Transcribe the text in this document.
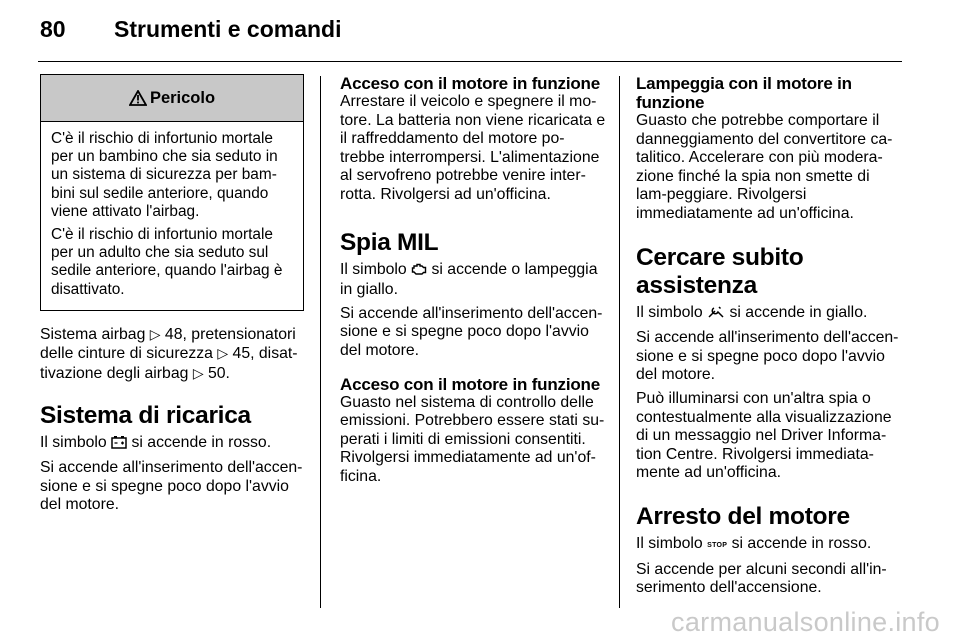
80 Strumenti e comandi
Pericolo

C'è il rischio di infortunio mortale per un bambino che sia seduto in un sistema di sicurezza per bam-bini sul sedile anteriore, quando viene attivato l'airbag.

C'è il rischio di infortunio mortale per un adulto che sia seduto sul sedile anteriore, quando l'airbag è disattivato.

Sistema airbag ▷ 48, pretensionatori delle cinture di sicurezza ▷ 45, disat-tivazione degli airbag ▷ 50.

Sistema di ricarica

Il simbolo  si accende in rosso.

Si accende all'inserimento dell'accen-sione e si spegne poco dopo l'avvio del motore.

Acceso con il motore in funzione

Arrestare il veicolo e spegnere il mo-tore. La batteria non viene ricaricata e il raffreddamento del motore po-trebbe interrompersi. L'alimentazione al servofreno potrebbe venire inter-rotta. Rivolgersi ad un'officina.

Spia MIL

Il simbolo  si accende o lampeggia in giallo.

Si accende all'inserimento dell'accen-sione e si spegne poco dopo l'avvio del motore.

Acceso con il motore in funzione

Guasto nel sistema di controllo delle emissioni. Potrebbero essere stati su-perati i limiti di emissioni consentiti. Rivolgersi immediatamente ad un'of-ficina.

Lampeggia con il motore in funzione

Guasto che potrebbe comportare il danneggiamento del convertitore ca-talitico. Accelerare con più modera-zione finché la spia non smette di lam-peggiare. Rivolgersi immediatamente ad un'officina.

Cercare subito assistenza

Il simbolo  si accende in giallo.

Si accende all'inserimento dell'accen-sione e si spegne poco dopo l'avvio del motore.

Può illuminarsi con un'altra spia o contestualmente alla visualizzazione di un messaggio nel Driver Informa-tion Centre. Rivolgersi immediata-mente ad un'officina.

Arresto del motore

Il simbolo STOP si accende in rosso.

Si accende per alcuni secondi all'in-serimento dell'accensione.

carmanualsonline.info
